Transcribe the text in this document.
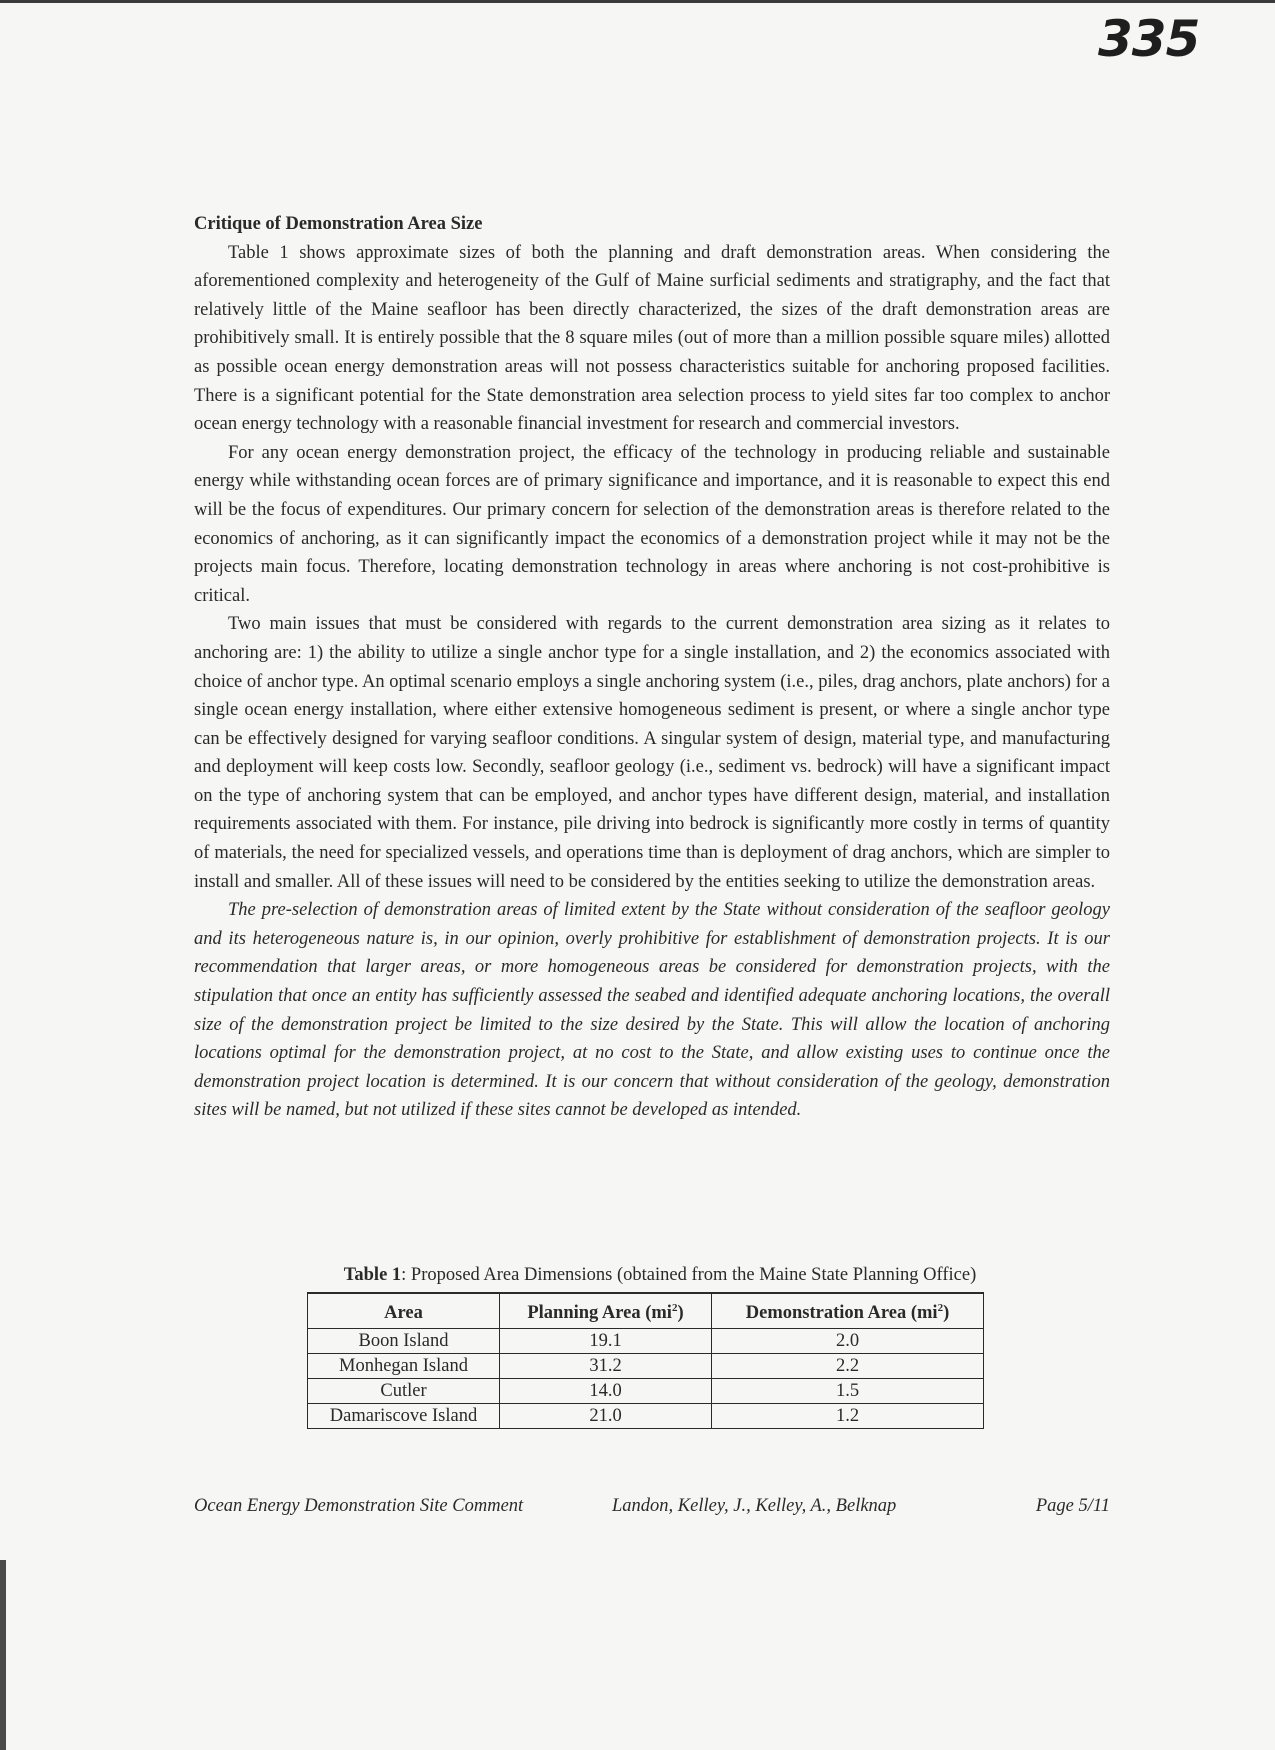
335
Critique of Demonstration Area Size

Table 1 shows approximate sizes of both the planning and draft demonstration areas. When considering the aforementioned complexity and heterogeneity of the Gulf of Maine surficial sediments and stratigraphy, and the fact that relatively little of the Maine seafloor has been directly characterized, the sizes of the draft demonstration areas are prohibitively small. It is entirely possible that the 8 square miles (out of more than a million possible square miles) allotted as possible ocean energy demonstration areas will not possess characteristics suitable for anchoring proposed facilities. There is a significant potential for the State demonstration area selection process to yield sites far too complex to anchor ocean energy technology with a reasonable financial investment for research and commercial investors.

For any ocean energy demonstration project, the efficacy of the technology in producing reliable and sustainable energy while withstanding ocean forces are of primary significance and importance, and it is reasonable to expect this end will be the focus of expenditures. Our primary concern for selection of the demonstration areas is therefore related to the economics of anchoring, as it can significantly impact the economics of a demonstration project while it may not be the projects main focus. Therefore, locating demonstration technology in areas where anchoring is not cost-prohibitive is critical.

Two main issues that must be considered with regards to the current demonstration area sizing as it relates to anchoring are: 1) the ability to utilize a single anchor type for a single installation, and 2) the economics associated with choice of anchor type. An optimal scenario employs a single anchoring system (i.e., piles, drag anchors, plate anchors) for a single ocean energy installation, where either extensive homogeneous sediment is present, or where a single anchor type can be effectively designed for varying seafloor conditions. A singular system of design, material type, and manufacturing and deployment will keep costs low. Secondly, seafloor geology (i.e., sediment vs. bedrock) will have a significant impact on the type of anchoring system that can be employed, and anchor types have different design, material, and installation requirements associated with them. For instance, pile driving into bedrock is significantly more costly in terms of quantity of materials, the need for specialized vessels, and operations time than is deployment of drag anchors, which are simpler to install and smaller. All of these issues will need to be considered by the entities seeking to utilize the demonstration areas.

The pre-selection of demonstration areas of limited extent by the State without consideration of the seafloor geology and its heterogeneous nature is, in our opinion, overly prohibitive for establishment of demonstration projects. It is our recommendation that larger areas, or more homogeneous areas be considered for demonstration projects, with the stipulation that once an entity has sufficiently assessed the seabed and identified adequate anchoring locations, the overall size of the demonstration project be limited to the size desired by the State. This will allow the location of anchoring locations optimal for the demonstration project, at no cost to the State, and allow existing uses to continue once the demonstration project location is determined. It is our concern that without consideration of the geology, demonstration sites will be named, but not utilized if these sites cannot be developed as intended.

Table 1: Proposed Area Dimensions (obtained from the Maine State Planning Office)
Area	Planning Area $(mi^2)$	Demonstration Area $(mi^2)$
Boon Island	19.1	2.0
Monhegan Island	31.2	2.2
Cutler	14.0	1.5
Damariscove Island	21.0	1.2
Ocean Energy Demonstration Site Comment	Landon, Kelley, J., Kelley, A., Belknap	Page 5/11
